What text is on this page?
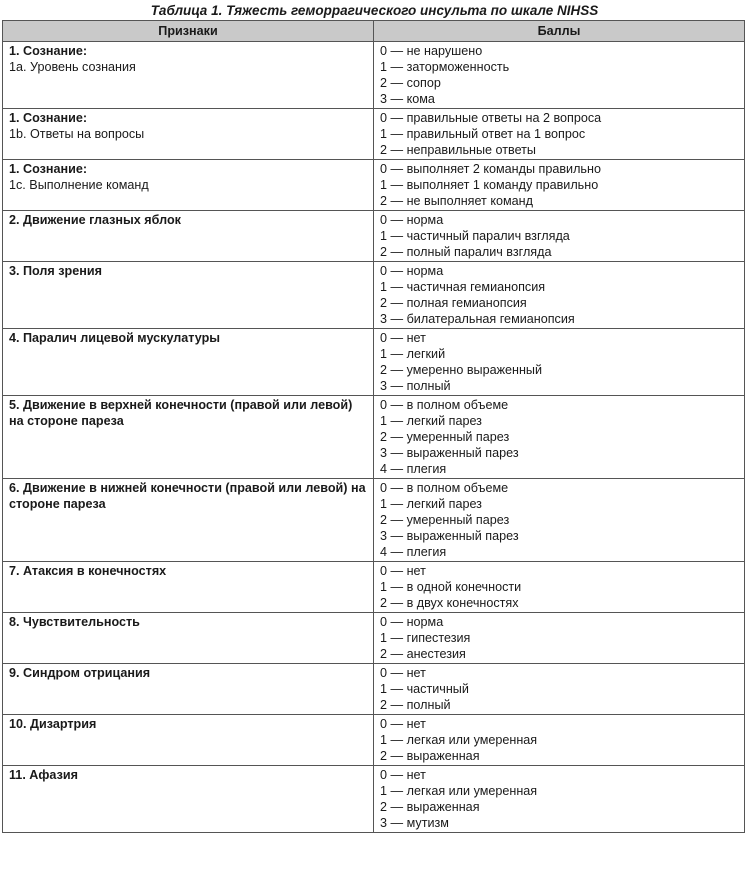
Таблица 1. Тяжесть геморрагического инсульта по шкале NIHSS
Признаки	Баллы

1. Сознание:
1а. Уровень сознания	0 — не нарушено
1 — заторможенность
2 — сопор
3 — кома

1. Сознание:
1b. Ответы на вопросы	0 — правильные ответы на 2 вопроса
1 — правильный ответ на 1 вопрос
2 — неправильные ответы

1. Сознание:
1с. Выполнение команд	0 — выполняет 2 команды правильно
1 — выполняет 1 команду правильно
2 — не выполняет команд

2. Движение глазных яблок	0 — норма
1 — частичный паралич взгляда
2 — полный паралич взгляда

3. Поля зрения	0 — норма
1 — частичная гемианопсия
2 — полная гемианопсия
3 — билатеральная гемианопсия

4. Паралич лицевой мускулатуры	0 — нет
1 — легкий
2 — умеренно выраженный
3 — полный

5. Движение в верхней конечности (правой или левой) на стороне пареза	0 — в полном объеме
1 — легкий парез
2 — умеренный парез
3 — выраженный парез
4 — плегия

6. Движение в нижней конечности (правой или левой) на стороне пареза	0 — в полном объеме
1 — легкий парез
2 — умеренный парез
3 — выраженный парез
4 — плегия

7. Атаксия в конечностях	0 — нет
1 — в одной конечности
2 — в двух конечностях

8. Чувствительность	0 — норма
1 — гипестезия
2 — анестезия

9. Синдром отрицания	0 — нет
1 — частичный
2 — полный

10. Дизартрия	0 — нет
1 — легкая или умеренная
2 — выраженная

11. Афазия	0 — нет
1 — легкая или умеренная
2 — выраженная
3 — мутизм
